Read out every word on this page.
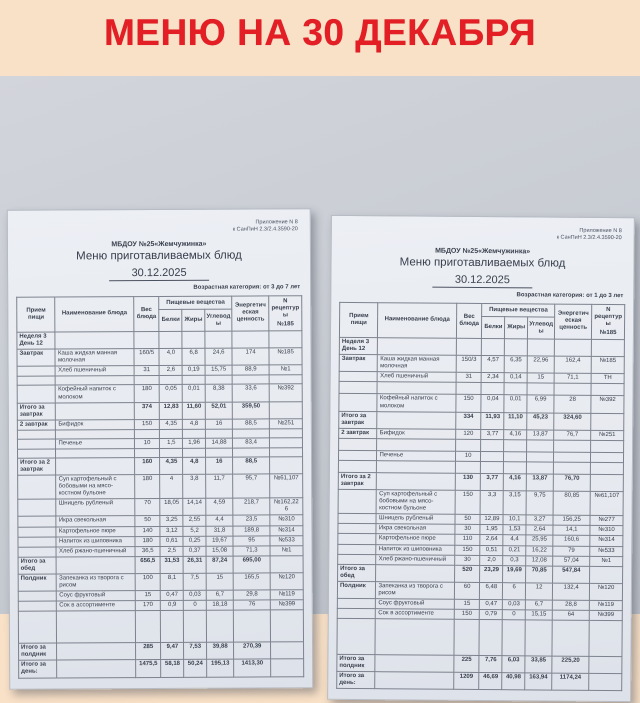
МЕНЮ НА 30 ДЕКАБРЯ
Приложение N 8
к СанПиН 2.3/2.4.3590-20
МБДОУ №25«Жемчужинка»
Меню приготавливаемых блюд
30.12.2025
Возрастная категория: от 3 до 7 лет
Прием пищи	Наименование блюда	Вес блюда	Пищевые вещества			Энергетическая ценность	N рецептуры
№185

			Белки	Жиры	Углеводы		
Неделя 3 День 12							
Завтрак	Каша жидкая манная молочная	160/5	4,0	6,8	24,6	174	№185
	Хлеб пшеничный	31	2,6	0,19	15,75	88,9	№1

	Кофейный напиток с молоком	180	0,05	0,01	8,38	33,6	№392
Итого за завтрак		374	12,83	11,60	52,01	359,50	
2 завтрак	Бифидок	150	4,35	4,8	16	88,5	№251

	Печенье	10	1,5	1,96	14,88	83,4	

Итого за 2 завтрак		160	4,35	4,8	16	88,5	
	Суп картофельный с бобовыми на мясо-костном бульоне	180	4	3,8	11,7	95,7	№61,107
	Шницель рубленый	70	18,05	14,14	4,59	218,7	№162,226
	Икра свекольная	50	3,25	2,55	4,4	23,5	№310
	Картофельное пюре	140	3,12	5,2	31,8	189,8	№314
	Напиток из шиповника	180	0,61	0,25	19,67	95	№533
	Хлеб ржано-пшеничный	36,5	2,5	0,37	15,08	71,3	№1
Итого за обед		656,5	31,53	26,31	87,24	695,00	
Полдник	Запеканка из творога с рисом	100	8,1	7,5	15	165,5	№120
	Соус фруктовый	15	0,47	0,03	6,7	29,8	№119
	Сок в ассортименте	170	0,9	0	18,18	76	№399

Итого за полдник		285	9,47	7,53	39,88	270,39	
Итого за день:		1475,5	58,18	50,24	195,13	1413,30	
Приложение N 8
к СанПиН 2.3/2.4.3590-20
МБДОУ №25«Жемчужинка»
Меню приготавливаемых блюд
30.12.2025
Возрастная категория: от 1 до 3 лет
Прием пищи	Наименование блюда	Вес блюда	Пищевые вещества			Энергетическая ценность	N рецептуры
№185

			Белки	Жиры	Углеводы		
Неделя 3 День 12							
Завтрак	Каша жидкая манная молочная	150/3	4,57	6,35	22,96	162,4	№185
	Хлеб пшеничный	31	2,34	0,14	15	71,1	ТН

	Кофейный напиток с молоком	150	0,04	0,01	6,99	28	№392
Итого за завтрак		334	11,93	11,10	45,23	324,60	
2 завтрак	Бифидок	120	3,77	4,16	13,87	76,7	№251

	Печенье	10					

Итого за 2 завтрак		130	3,77	4,16	13,87	76,70	
	Суп картофельный с бобовыми на мясо-костном бульоне	150	3,3	3,15	9,75	80,85	№61,107
	Шницель рубленый	50	12,89	10,1	3,27	156,25	№277
	Икра свекольная	30	1,95	1,53	2,64	14,1	№310
	Картофельное пюре	110	2,64	4,4	25,95	160,6	№314
	Напиток из шиповника	150	0,51	0,21	16,22	79	№533
	Хлеб ржано-пшеничный	30	2,0	0,3	12,08	57,04	№1
Итого за обед		520	23,29	19,69	70,85	547,84	
Полдник	Запеканка из творога с рисом	60	6,48	6	12	132,4	№120
	Соус фруктовый	15	0,47	0,03	6,7	28,8	№119
	Сок в ассортименте	150	0,79	0	15,15	64	№399

Итого за полдник		225	7,76	6,03	33,85	225,20	
Итого за день:		1209	46,69	40,98	163,94	1174,24	
